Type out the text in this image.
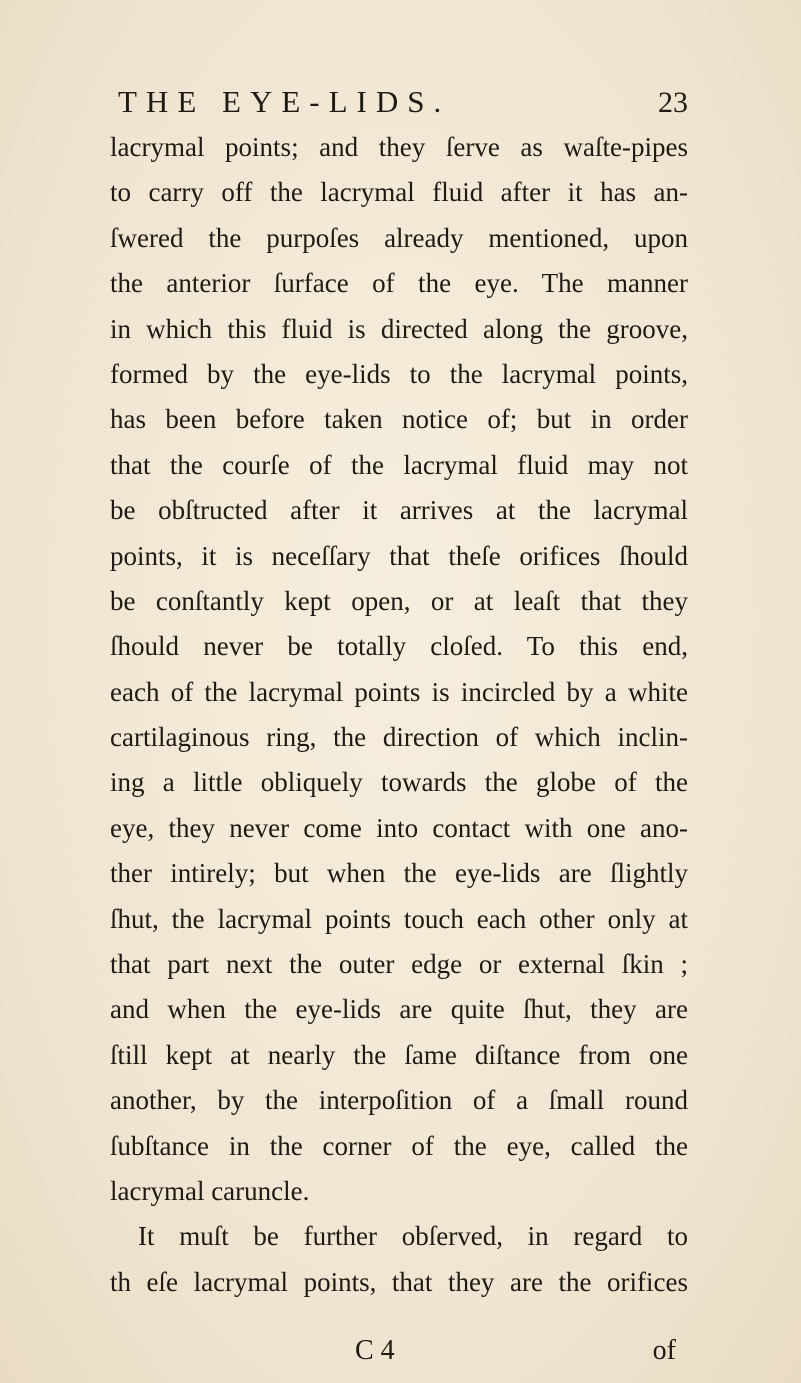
THE EYE-LIDS.	23
lacrymal points; and they ſerve as waſte-pipes
to carry off the lacrymal fluid after it has an-
ſwered the purpoſes already mentioned, upon
the anterior ſurface of the eye. The manner
in which this fluid is directed along the groove,
formed by the eye-lids to the lacrymal points,
has been before taken notice of; but in order
that the courſe of the lacrymal fluid may not
be obſtructed after it arrives at the lacrymal
points, it is neceſſary that theſe orifices ſhould
be conſtantly kept open, or at leaſt that they
ſhould never be totally cloſed. To this end,
each of the lacrymal points is incircled by a white
cartilaginous ring, the direction of which inclin-
ing a little obliquely towards the globe of the
eye, they never come into contact with one ano-
ther intirely; but when the eye-lids are ſlightly
ſhut, the lacrymal points touch each other only at
that part next the outer edge or external ſkin ;
and when the eye-lids are quite ſhut, they are
ſtill kept at nearly the ſame diſtance from one
another, by the interpoſition of a ſmall round
ſubſtance in the corner of the eye, called the
lacrymal caruncle.
It muſt be further obſerved, in regard to
th eſe lacrymal points, that they are the orifices
C 4	of
